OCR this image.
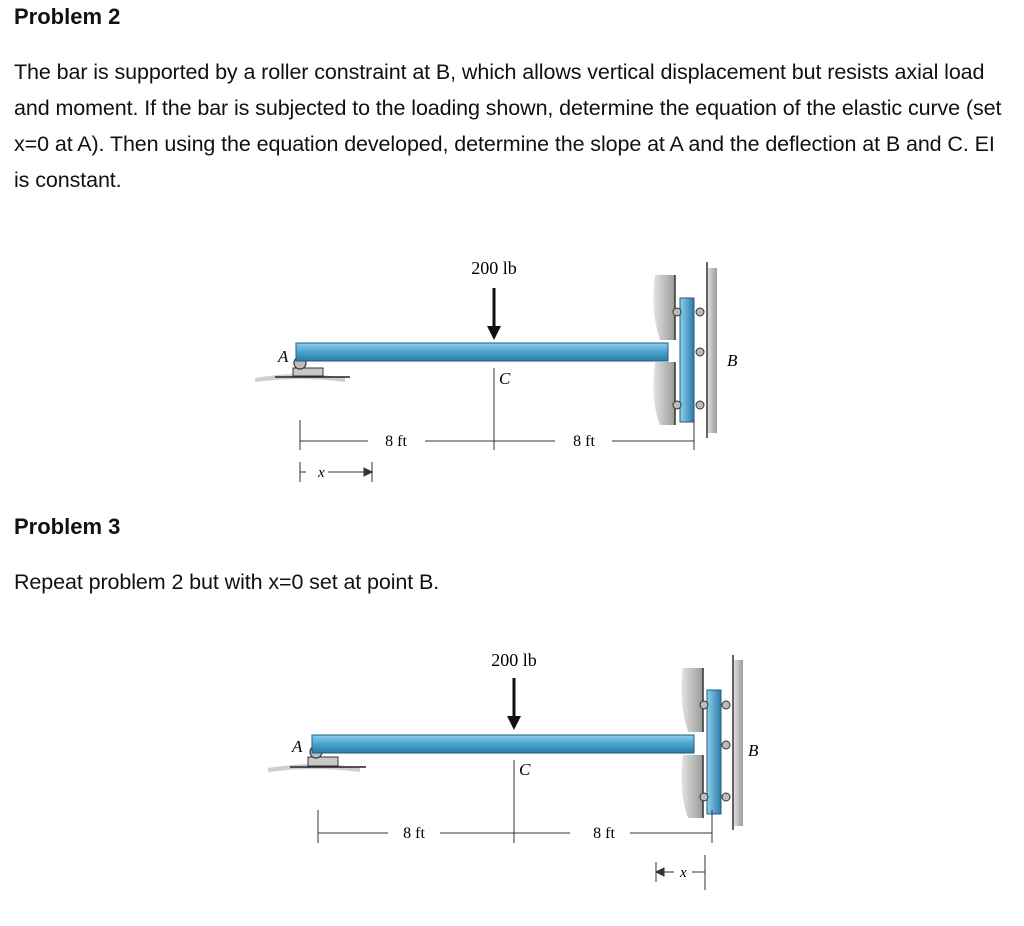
Problem 2

The bar is supported by a roller constraint at B, which allows vertical displacement but resists axial load and moment. If the bar is subjected to the loading shown, determine the equation of the elastic curve (set x=0 at A). Then using the equation developed, determine the slope at A and the deflection at B and C. EI is constant.

200 lb
A	B
C
8 ft	8 ft
x
Problem 3

Repeat problem 2 but with x=0 set at point B.

200 lb
A	B
C
8 ft	8 ft
x
